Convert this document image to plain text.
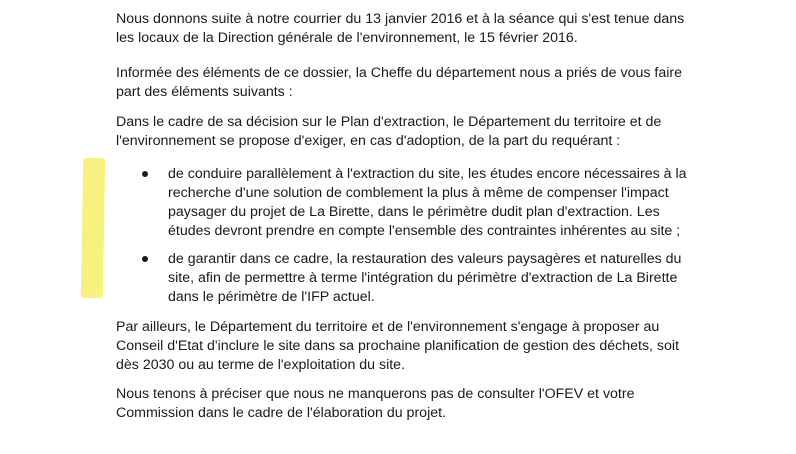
Nous donnons suite à notre courrier du 13 janvier 2016 et à la séance qui s'est tenue dans
les locaux de la Direction générale de l'environnement, le 15 février 2016.

Informée des éléments de ce dossier, la Cheffe du département nous a priés de vous faire
part des éléments suivants :

Dans le cadre de sa décision sur le Plan d'extraction, le Département du territoire et de
l'environnement se propose d'exiger, en cas d'adoption, de la part du requérant :

de conduire parallèlement à l'extraction du site, les études encore nécessaires à la
recherche d'une solution de comblement la plus à même de compenser l'impact
paysager du projet de La Birette, dans le périmètre dudit plan d'extraction. Les
études devront prendre en compte l'ensemble des contraintes inhérentes au site ;

de garantir dans ce cadre, la restauration des valeurs paysagères et naturelles du
site, afin de permettre à terme l'intégration du périmètre d'extraction de La Birette
dans le périmètre de l'IFP actuel.

Par ailleurs, le Département du territoire et de l'environnement s'engage à proposer au
Conseil d'Etat d'inclure le site dans sa prochaine planification de gestion des déchets, soit
dès 2030 ou au terme de l'exploitation du site.

Nous tenons à préciser que nous ne manquerons pas de consulter l'OFEV et votre
Commission dans le cadre de l'élaboration du projet.
